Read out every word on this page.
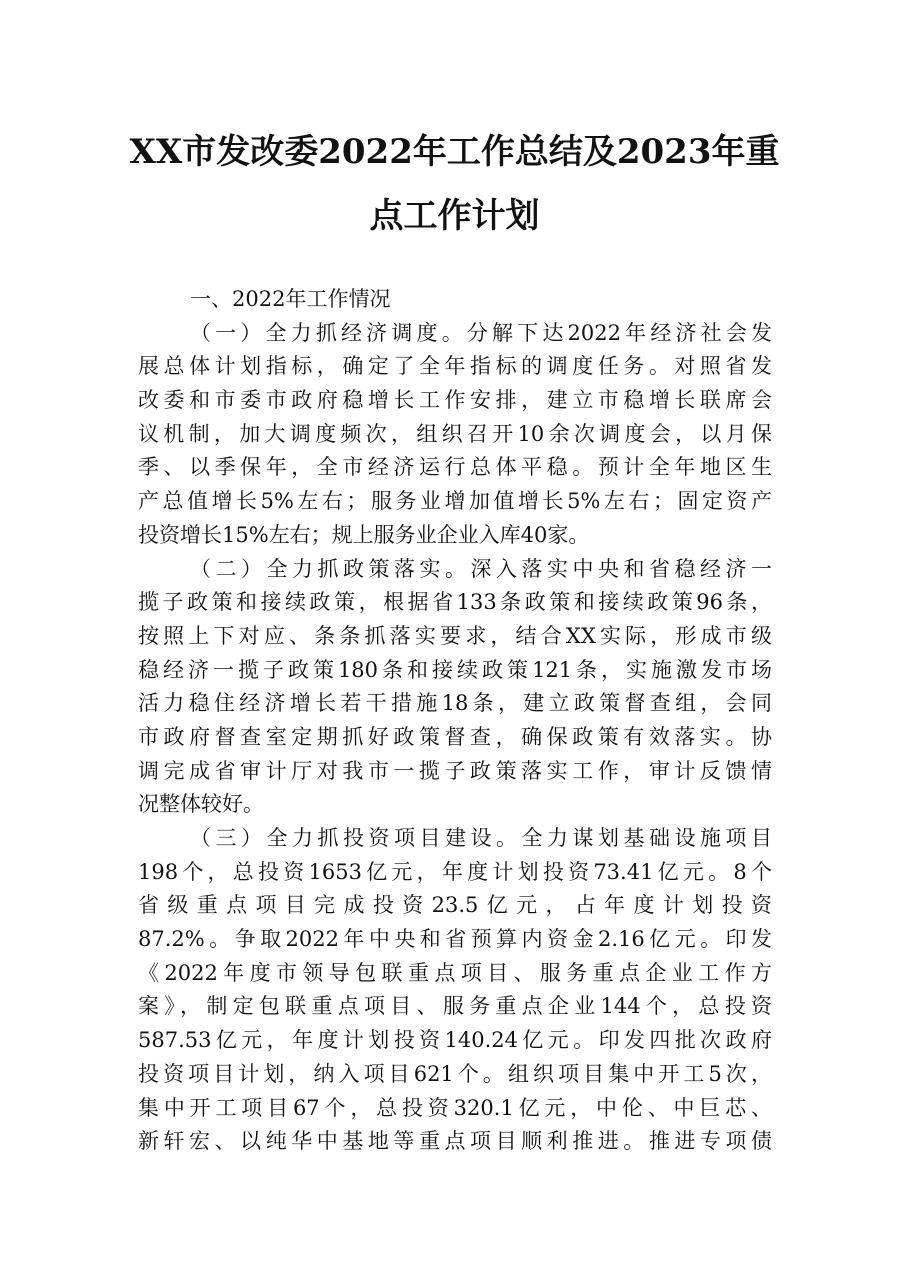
XX市发改委2022年工作总结及2023年重
点工作计划
一、2022年工作情况
（一）全力抓经济调度。分解下达2022年经济社会发
展总体计划指标，确定了全年指标的调度任务。对照省发
改委和市委市政府稳增长工作安排，建立市稳增长联席会
议机制，加大调度频次，组织召开10余次调度会，以月保
季、以季保年，全市经济运行总体平稳。预计全年地区生
产总值增长5%左右；服务业增加值增长5%左右；固定资产
投资增长15%左右；规上服务业企业入库40家。
（二）全力抓政策落实。深入落实中央和省稳经济一
揽子政策和接续政策，根据省133条政策和接续政策96条，
按照上下对应、条条抓落实要求，结合XX实际，形成市级
稳经济一揽子政策180条和接续政策121条，实施激发市场
活力稳住经济增长若干措施18条，建立政策督查组，会同
市政府督查室定期抓好政策督查，确保政策有效落实。协
调完成省审计厅对我市一揽子政策落实工作，审计反馈情
况整体较好。
（三）全力抓投资项目建设。全力谋划基础设施项目
198个，总投资1653亿元，年度计划投资73.41亿元。8个
省级重点项目完成投资23.5亿元，占年度计划投资
87.2%。争取2022年中央和省预算内资金2.16亿元。印发
《2022年度市领导包联重点项目、服务重点企业工作方
案》，制定包联重点项目、服务重点企业144个，总投资
587.53亿元，年度计划投资140.24亿元。印发四批次政府
投资项目计划，纳入项目621个。组织项目集中开工5次，
集中开工项目67个，总投资320.1亿元，中伦、中巨芯、
新轩宏、以纯华中基地等重点项目顺利推进。推进专项债
